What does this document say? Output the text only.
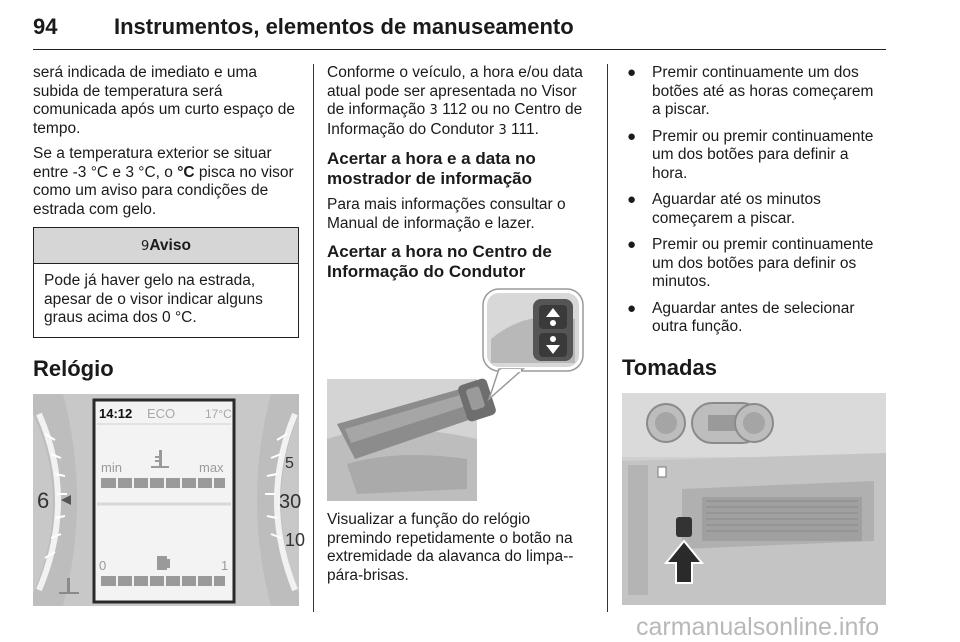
94	Instrumentos, elementos de manuseamento

será indicada de imediato e uma subida de temperatura será comunicada após um curto espaço de tempo.

Se a temperatura exterior se situar entre -3 °C e 3 °C, o °C pisca no visor como um aviso para condições de estrada com gelo.

9Aviso
Pode já haver gelo na estrada, apesar de o visor indicar alguns graus acima dos 0 °C.
Relógio
6
5
30
10
14:12 ECO 17°C
min	max
0	1

Conforme o veículo, a hora e/ou data atual pode ser apresentada no Visor de informação 3 112 ou no Centro de Informação do Condutor 3 111.

Acertar a hora e a data no mostrador de informação

Para mais informações consultar o Manual de informação e lazer.

Acertar a hora no Centro de Informação do Condutor

Visualizar a função do relógio premindo repetidamente o botão na extremidade da alavanca do limpa--pára-brisas.

● Premir continuamente um dos botões até as horas começarem a piscar.
● Premir ou premir continuamente um dos botões para definir a hora.
● Aguardar até os minutos começarem a piscar.
● Premir ou premir continuamente um dos botões para definir os minutos.
● Aguardar antes de selecionar outra função.
Tomadas
carmanualsonline.info
